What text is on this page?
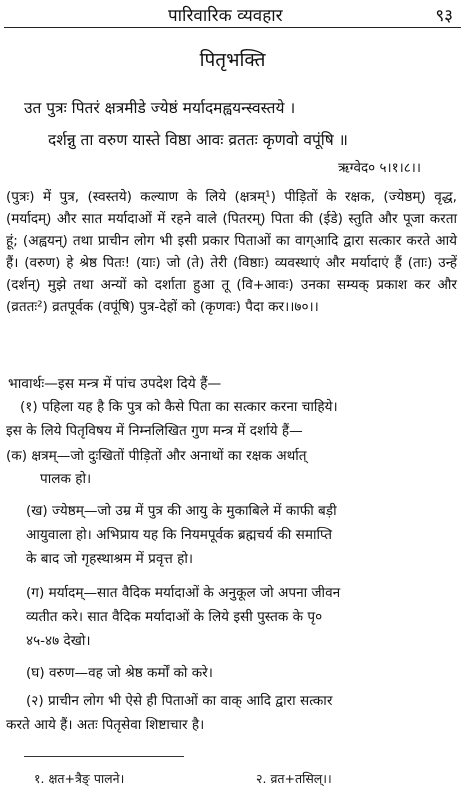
पारिवारिक व्यवहार	९३
पितृभक्ति
उत पुत्रः पितरं क्षत्रमीडे ज्येष्ठं मर्यादमह्वयन्स्वस्तये ।
दर्शन्नु ता वरुण यास्ते विष्ठा आवः व्रततः कृणवो वपूंषि ॥
ऋग्वेद० ५।१।८।।
(पुत्रः) में पुत्र, (स्वस्तये) कल्याण के लिये (क्षत्रम्¹) पीड़ितों के रक्षक, (ज्येष्ठम्) वृद्ध, (मर्यादम्) और सात मर्यादाओं में रहने वाले (पितरम्) पिता की (ईडे) स्तुति और पूजा करता हूं; (अह्वयन्) तथा प्राचीन लोग भी इसी प्रकार पिताओं का वाग्आदि द्वारा सत्कार करते आये हैं। (वरुण) हे श्रेष्ठ पितः! (याः) जो (ते) तेरी (विष्ठाः) व्यवस्थाएं और मर्यादाएं हैं (ताः) उन्हें (दर्शन्) मुझे तथा अन्यों को दर्शाता हुआ तू (वि+आवः) उनका सम्यक् प्रकाश कर और (व्रततः²) व्रतपूर्वक (वपूंषि) पुत्र-देहों को (कृणवः) पैदा कर।।७०।।
भावार्थः—इस मन्त्र में पांच उपदेश दिये हैं—
(१) पहिला यह है कि पुत्र को कैसे पिता का सत्कार करना चाहिये।
इस के लिये पितृविषय में निम्नलिखित गुण मन्त्र में दर्शाये हैं—
(क) क्षत्रम्—जो दुःखितों पीड़ितों और अनाथों का रक्षक अर्थात्
पालक हो।
(ख) ज्येष्ठम्—जो उम्र में पुत्र की आयु के मुकाबिले में काफी बड़ी
आयुवाला हो। अभिप्राय यह कि नियमपूर्वक ब्रह्मचर्य की समाप्ति
के बाद जो गृहस्थाश्रम में प्रवृत्त हो।
(ग) मर्यादम्—सात वैदिक मर्यादाओं के अनुकूल जो अपना जीवन
व्यतीत करे। सात वैदिक मर्यादाओं के लिये इसी पुस्तक के पृ०
४५-४७ देखो।
(घ) वरुण—वह जो श्रेष्ठ कर्मों को करे।
(२) प्राचीन लोग भी ऐसे ही पिताओं का वाक् आदि द्वारा सत्कार
करते आये हैं। अतः पितृसेवा शिष्टाचार है।
१. क्षत+त्रैङ् पालने।	२. व्रत+तसिल्।।
